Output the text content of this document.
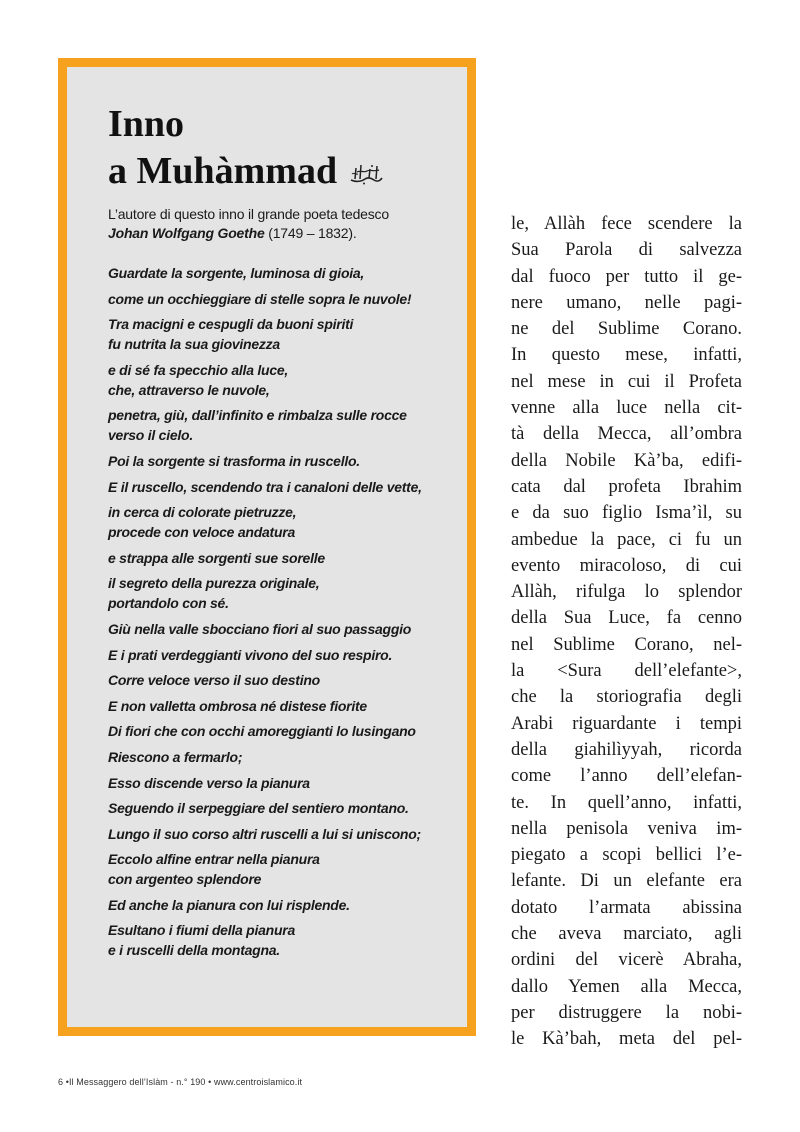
Inno
a Muhàmmad
L’autore di questo inno il grande poeta tedesco
Johan Wolfgang Goethe (1749 – 1832).
Guardate la sorgente, luminosa di gioia,
come un occhieggiare di stelle sopra le nuvole!
Tra macigni e cespugli da buoni spiriti
fu nutrita la sua giovinezza
e di sé fa specchio alla luce,
che, attraverso le nuvole,
penetra, giù, dall’infinito e rimbalza sulle rocce
verso il cielo.
Poi la sorgente si trasforma in ruscello.
E il ruscello, scendendo tra i canaloni delle vette,
in cerca di colorate pietruzze,
procede con veloce andatura
e strappa alle sorgenti sue sorelle
il segreto della purezza originale,
portandolo con sé.
Giù nella valle sbocciano fiori al suo passaggio
E i prati verdeggianti vivono del suo respiro.
Corre veloce verso il suo destino
E non valletta ombrosa né distese fiorite
Di fiori che con occhi amoreggianti lo lusingano
Riescono a fermarlo;
Esso discende verso la pianura
Seguendo il serpeggiare del sentiero montano.
Lungo il suo corso altri ruscelli a lui si uniscono;
Eccolo alfine entrar nella pianura
con argenteo splendore
Ed anche la pianura con lui risplende.
Esultano i fiumi della pianura
e i ruscelli della montagna.
le, Allàh fece scendere la
Sua Parola di salvezza
dal fuoco per tutto il ge-
nere umano, nelle pagi-
ne del Sublime Corano.
In questo mese, infatti,
nel mese in cui il Profeta
venne alla luce nella cit-
tà della Mecca, all’ombra
della Nobile Kà’ba, edifi-
cata dal profeta Ibrahim
e da suo figlio Isma’ìl, su
ambedue la pace, ci fu un
evento miracoloso, di cui
Allàh, rifulga lo splendor
della Sua Luce, fa cenno
nel Sublime Corano, nel-
la <Sura dell’elefante>,
che la storiografia degli
Arabi riguardante i tempi
della giahilìyyah, ricorda
come l’anno dell’elefan-
te. In quell’anno, infatti,
nella penisola veniva im-
piegato a scopi bellici l’e-
lefante. Di un elefante era
dotato l’armata abissina
che aveva marciato, agli
ordini del vicerè Abraha,
dallo Yemen alla Mecca,
per distruggere la nobi-
le Kà’bah, meta del pel-
6 •Il Messaggero dell’Islàm - n.° 190 • www.centroislamico.it
